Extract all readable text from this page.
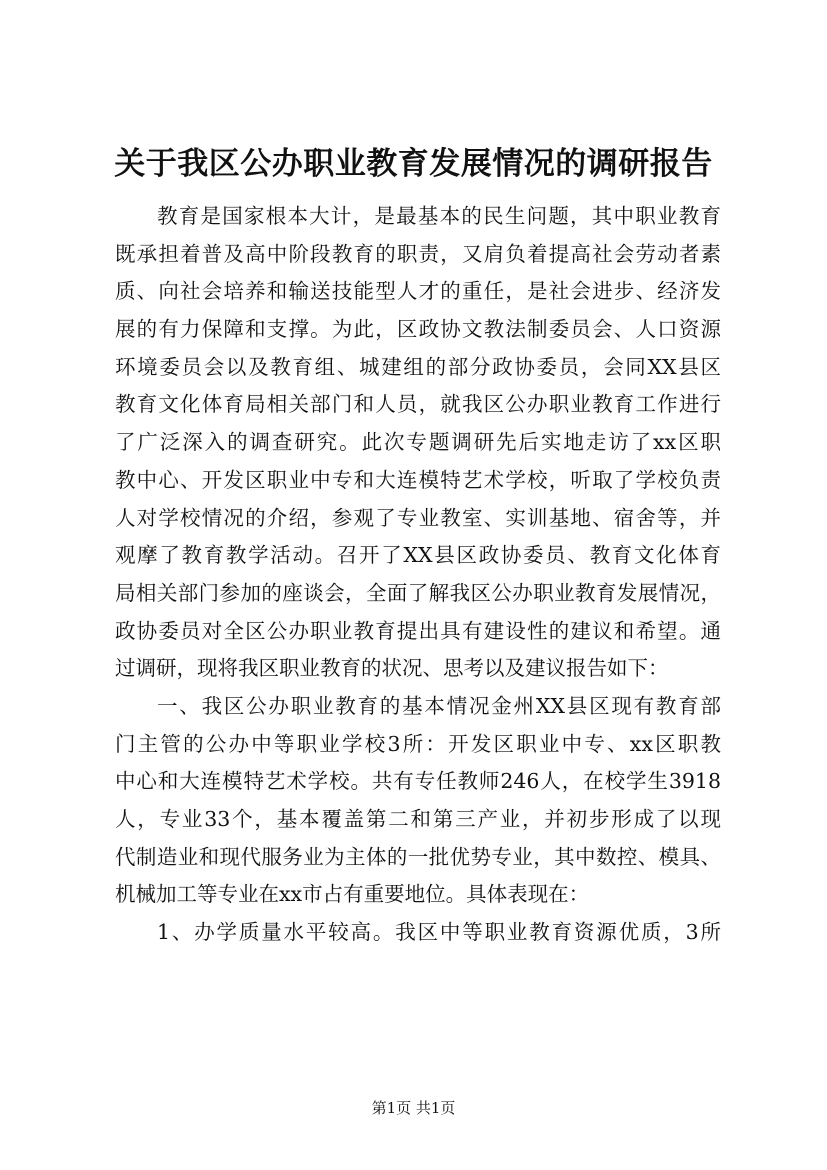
关于我区公办职业教育发展情况的调研报告
教育是国家根本大计，是最基本的民生问题，其中职业教育
既承担着普及高中阶段教育的职责，又肩负着提高社会劳动者素
质、向社会培养和输送技能型人才的重任，是社会进步、经济发
展的有力保障和支撑。为此，区政协文教法制委员会、人口资源
环境委员会以及教育组、城建组的部分政协委员，会同XX县区
教育文化体育局相关部门和人员，就我区公办职业教育工作进行
了广泛深入的调查研究。此次专题调研先后实地走访了xx区职
教中心、开发区职业中专和大连模特艺术学校，听取了学校负责
人对学校情况的介绍，参观了专业教室、实训基地、宿舍等，并
观摩了教育教学活动。召开了XX县区政协委员、教育文化体育
局相关部门参加的座谈会，全面了解我区公办职业教育发展情况，
政协委员对全区公办职业教育提出具有建设性的建议和希望。通
过调研，现将我区职业教育的状况、思考以及建议报告如下：
一、我区公办职业教育的基本情况金州XX县区现有教育部
门主管的公办中等职业学校3所：开发区职业中专、xx区职教
中心和大连模特艺术学校。共有专任教师246人，在校学生3918
人，专业33个，基本覆盖第二和第三产业，并初步形成了以现
代制造业和现代服务业为主体的一批优势专业，其中数控、模具、
机械加工等专业在xx市占有重要地位。具体表现在：
1、办学质量水平较高。我区中等职业教育资源优质，3所
第1页 共1页
